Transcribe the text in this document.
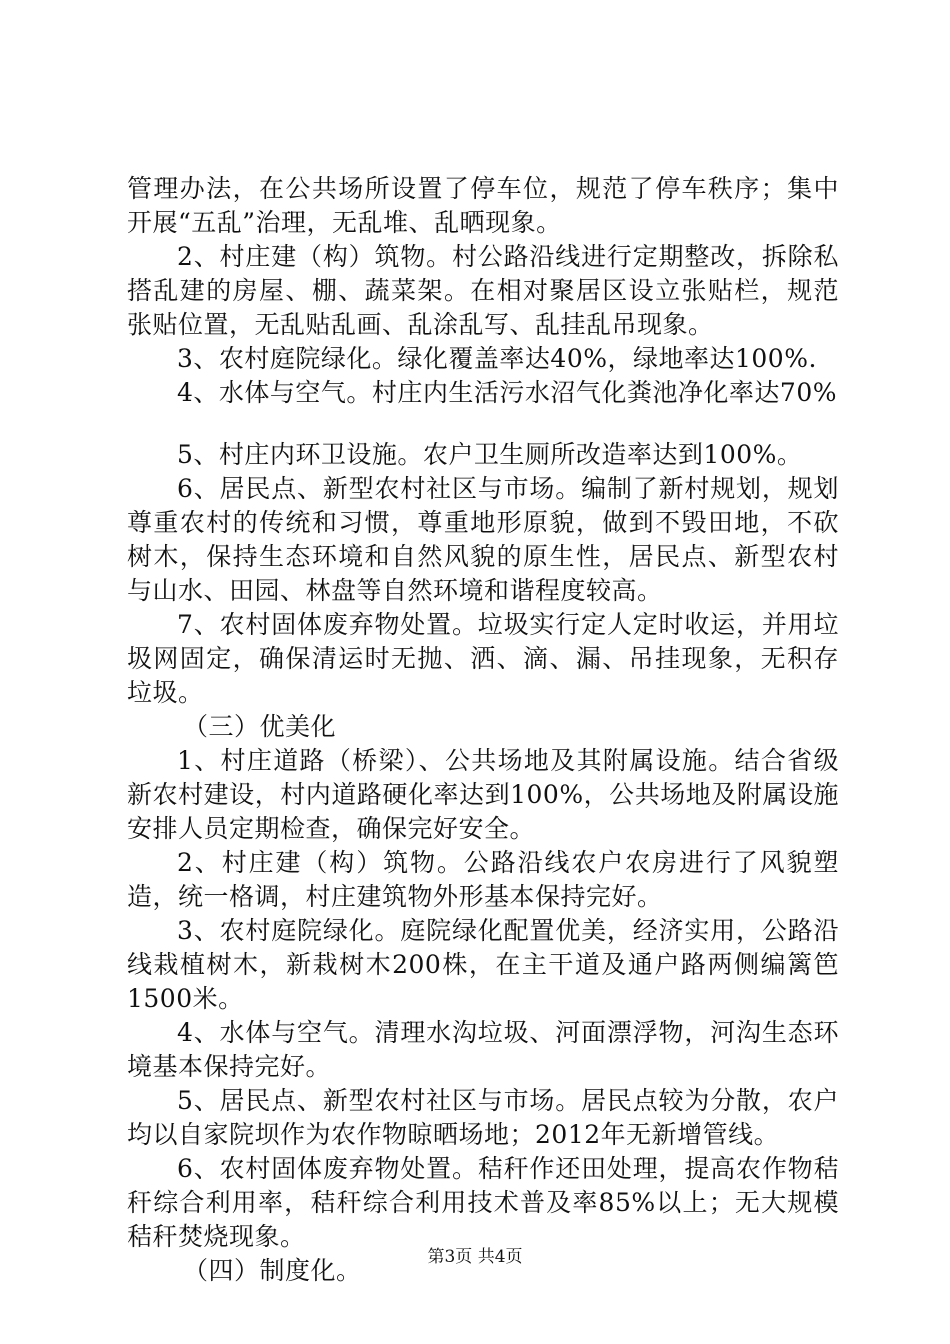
管理办法，在公共场所设置了停车位，规范了停车秩序；集中开展“五乱”治理，无乱堆、乱晒现象。

2、村庄建（构）筑物。村公路沿线进行定期整改，拆除私搭乱建的房屋、棚、蔬菜架。在相对聚居区设立张贴栏，规范张贴位置，无乱贴乱画、乱涂乱写、乱挂乱吊现象。

3、农村庭院绿化。绿化覆盖率达40%，绿地率达100%.

4、水体与空气。村庄内生活污水沼气化粪池净化率达70%

5、村庄内环卫设施。农户卫生厕所改造率达到100%。

6、居民点、新型农村社区与市场。编制了新村规划，规划尊重农村的传统和习惯，尊重地形原貌，做到不毁田地，不砍树木，保持生态环境和自然风貌的原生性，居民点、新型农村与山水、田园、林盘等自然环境和谐程度较高。

7、农村固体废弃物处置。垃圾实行定人定时收运，并用垃圾网固定，确保清运时无抛、洒、滴、漏、吊挂现象，无积存垃圾。

（三）优美化

1、村庄道路（桥梁）、公共场地及其附属设施。结合省级新农村建设，村内道路硬化率达到100%，公共场地及附属设施安排人员定期检查，确保完好安全。

2、村庄建（构）筑物。公路沿线农户农房进行了风貌塑造，统一格调，村庄建筑物外形基本保持完好。

3、农村庭院绿化。庭院绿化配置优美，经济实用，公路沿线栽植树木，新栽树木200株，在主干道及通户路两侧编篱笆1500米。

4、水体与空气。清理水沟垃圾、河面漂浮物，河沟生态环境基本保持完好。

5、居民点、新型农村社区与市场。居民点较为分散，农户均以自家院坝作为农作物晾晒场地；2012年无新增管线。

6、农村固体废弃物处置。秸秆作还田处理，提高农作物秸秆综合利用率，秸秆综合利用技术普及率85%以上；无大规模秸秆焚烧现象。

（四）制度化。	第3页 共4页
